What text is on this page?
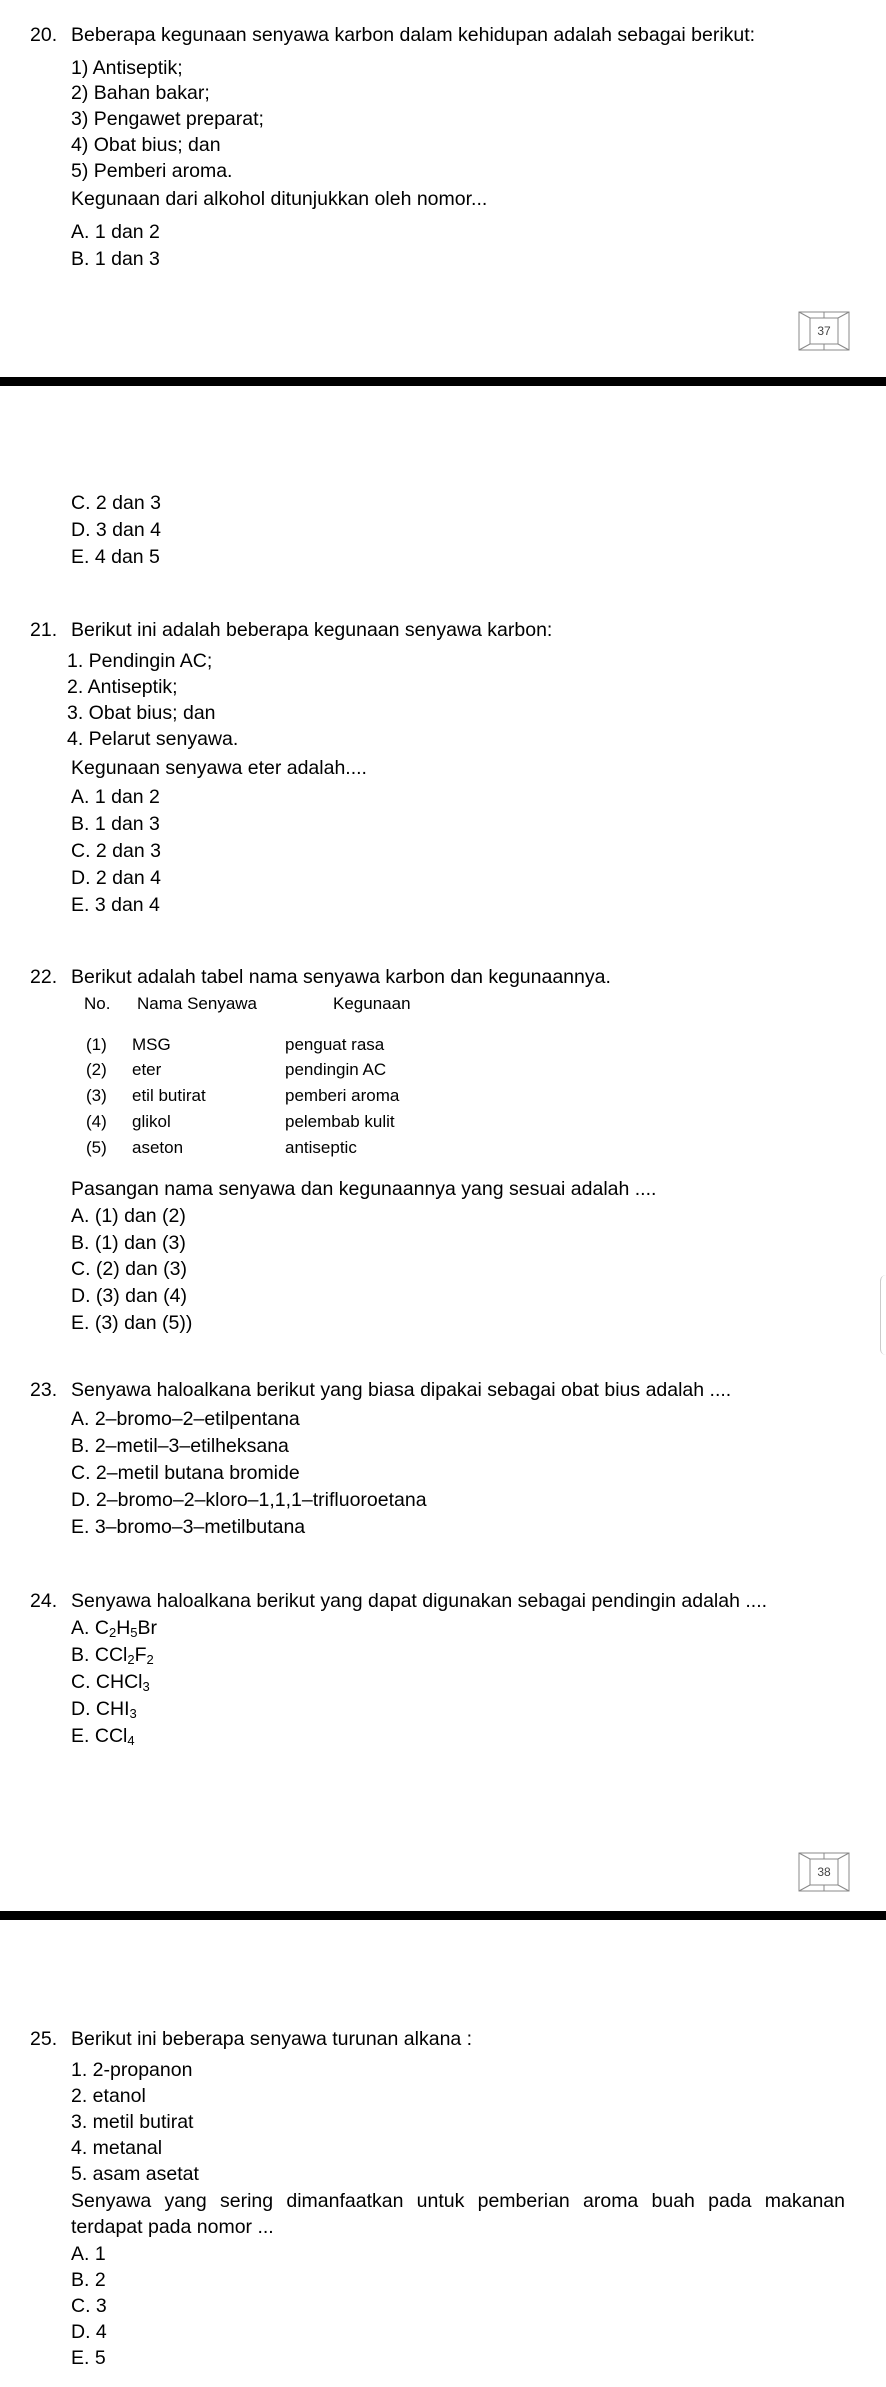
20. Beberapa kegunaan senyawa karbon dalam kehidupan adalah sebagai berikut:
1) Antiseptik;
2) Bahan bakar;
3) Pengawet preparat;
4) Obat bius; dan
5) Pemberi aroma.
Kegunaan dari alkohol ditunjukkan oleh nomor...
A. 1 dan 2
B. 1 dan 3
37
C. 2 dan 3
D. 3 dan 4
E. 4 dan 5
21. Berikut ini adalah beberapa kegunaan senyawa karbon:
1. Pendingin AC;
2. Antiseptik;
3. Obat bius; dan
4. Pelarut senyawa.
Kegunaan senyawa eter adalah....
A. 1 dan 2
B. 1 dan 3
C. 2 dan 3
D. 2 dan 4
E. 3 dan 4
22. Berikut adalah tabel nama senyawa karbon dan kegunaannya.
No. Nama Senyawa	Kegunaan
(1) MSG	penguat rasa
(2) eter	pendingin AC
(3) etil butirat	pemberi aroma
(4) glikol	pelembab kulit
(5) aseton	antiseptic
Pasangan nama senyawa dan kegunaannya yang sesuai adalah ....
A. (1) dan (2)
B. (1) dan (3)
C. (2) dan (3)
D. (3) dan (4)
E. (3) dan (5))
23. Senyawa haloalkana berikut yang biasa dipakai sebagai obat bius adalah ....
A. 2–bromo–2–etilpentana
B. 2–metil–3–etilheksana
C. 2–metil butana bromide
D. 2–bromo–2–kloro–1,1,1–trifluoroetana
E. 3–bromo–3–metilbutana
24. Senyawa haloalkana berikut yang dapat digunakan sebagai pendingin adalah ....
A. $C_2H_5Br$
B. $CCl_2F_2$
C. CHCl$_3$
D. $CHI_3$
E. CCl$_4$
38
25. Berikut ini beberapa senyawa turunan alkana :
1. 2-propanon
2. etanol
3. metil butirat
4. metanal
5. asam asetat
Senyawa yang sering dimanfaatkan untuk pemberian aroma buah pada makanan
terdapat pada nomor ...
A. 1
B. 2
C. 3
D. 4
E. 5
